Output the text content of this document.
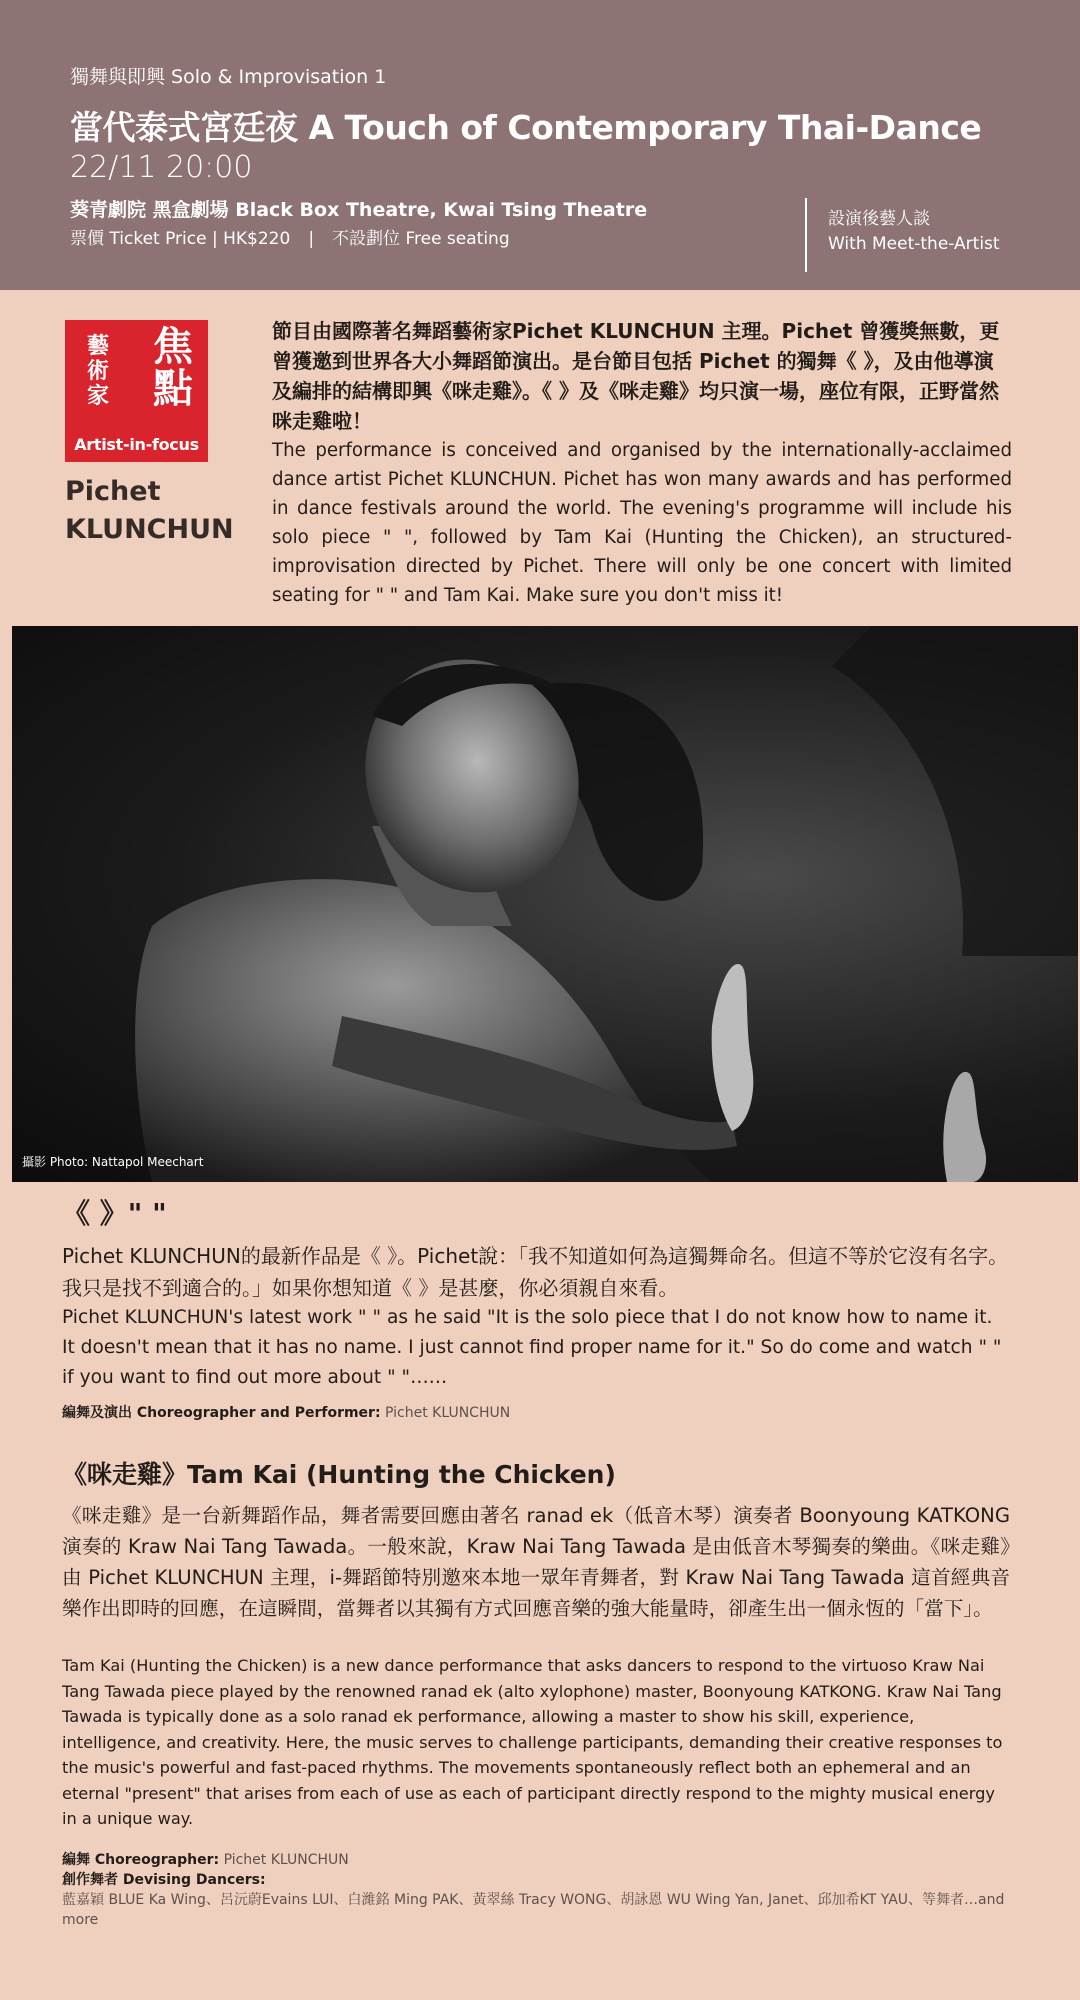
獨舞與即興 Solo & Improvisation 1
當代泰式宮廷夜 A Touch of Contemporary Thai-Dance
22/11 20:00
葵青劇院 黑盒劇場 Black Box Theatre, Kwai Tsing Theatre
票價 Ticket Price | HK$220 | 不設劃位 Free seating
設演後藝人談
With Meet-the-Artist
藝術家
焦點
Artist-in-focus
Pichet KLUNCHUN
節目由國際著名舞蹈藝術家Pichet KLUNCHUN 主理。Pichet 曾獲獎無數，更曾獲邀到世界各大小舞蹈節演出。是台節目包括 Pichet 的獨舞《 》，及由他導演及編排的結構即興《咪走雞》。《 》及《咪走雞》均只演一場，座位有限，正野當然咪走雞啦！
The performance is conceived and organised by the internationally-acclaimed dance artist Pichet KLUNCHUN. Pichet has won many awards and has performed in dance festivals around the world. The evening's programme will include his solo piece " ", followed by Tam Kai (Hunting the Chicken), an structured-improvisation directed by Pichet. There will only be one concert with limited seating for " " and Tam Kai. Make sure you don't miss it!
攝影 Photo: Nattapol Meechart
《 》" "
Pichet KLUNCHUN的最新作品是《 》。Pichet說：「我不知道如何為這獨舞命名。但這不等於它沒有名字。我只是找不到適合的。」如果你想知道《 》是甚麼，你必須親自來看。
Pichet KLUNCHUN's latest work " " as he said "It is the solo piece that I do not know how to name it. It doesn't mean that it has no name. I just cannot find proper name for it." So do come and watch " " if you want to find out more about " "……
編舞及演出 Choreographer and Performer: Pichet KLUNCHUN
《咪走雞》Tam Kai (Hunting the Chicken)
《咪走雞》是一台新舞蹈作品，舞者需要回應由著名 ranad ek（低音木琴）演奏者 Boonyoung KATKONG 演奏的 Kraw Nai Tang Tawada。一般來說，Kraw Nai Tang Tawada 是由低音木琴獨奏的樂曲。《咪走雞》由 Pichet KLUNCHUN 主理，i-舞蹈節特別邀來本地一眾年青舞者，對 Kraw Nai Tang Tawada 這首經典音樂作出即時的回應，在這瞬間，當舞者以其獨有方式回應音樂的強大能量時，卻產生出一個永恆的「當下」。
Tam Kai (Hunting the Chicken) is a new dance performance that asks dancers to respond to the virtuoso Kraw Nai Tang Tawada piece played by the renowned ranad ek (alto xylophone) master, Boonyoung KATKONG. Kraw Nai Tang Tawada is typically done as a solo ranad ek performance, allowing a master to show his skill, experience, intelligence, and creativity. Here, the music serves to challenge participants, demanding their creative responses to the music's powerful and fast-paced rhythms. The movements spontaneously reflect both an ephemeral and an eternal "present" that arises from each of use as each of participant directly respond to the mighty musical energy in a unique way.
編舞 Choreographer: Pichet KLUNCHUN
創作舞者 Devising Dancers:
藍嘉穎 BLUE Ka Wing、呂沅蔚Evains LUI、白濰銘 Ming PAK、黃翠絲 Tracy WONG、胡詠恩 WU Wing Yan, Janet、邱加希KT YAU、等舞者…and more
